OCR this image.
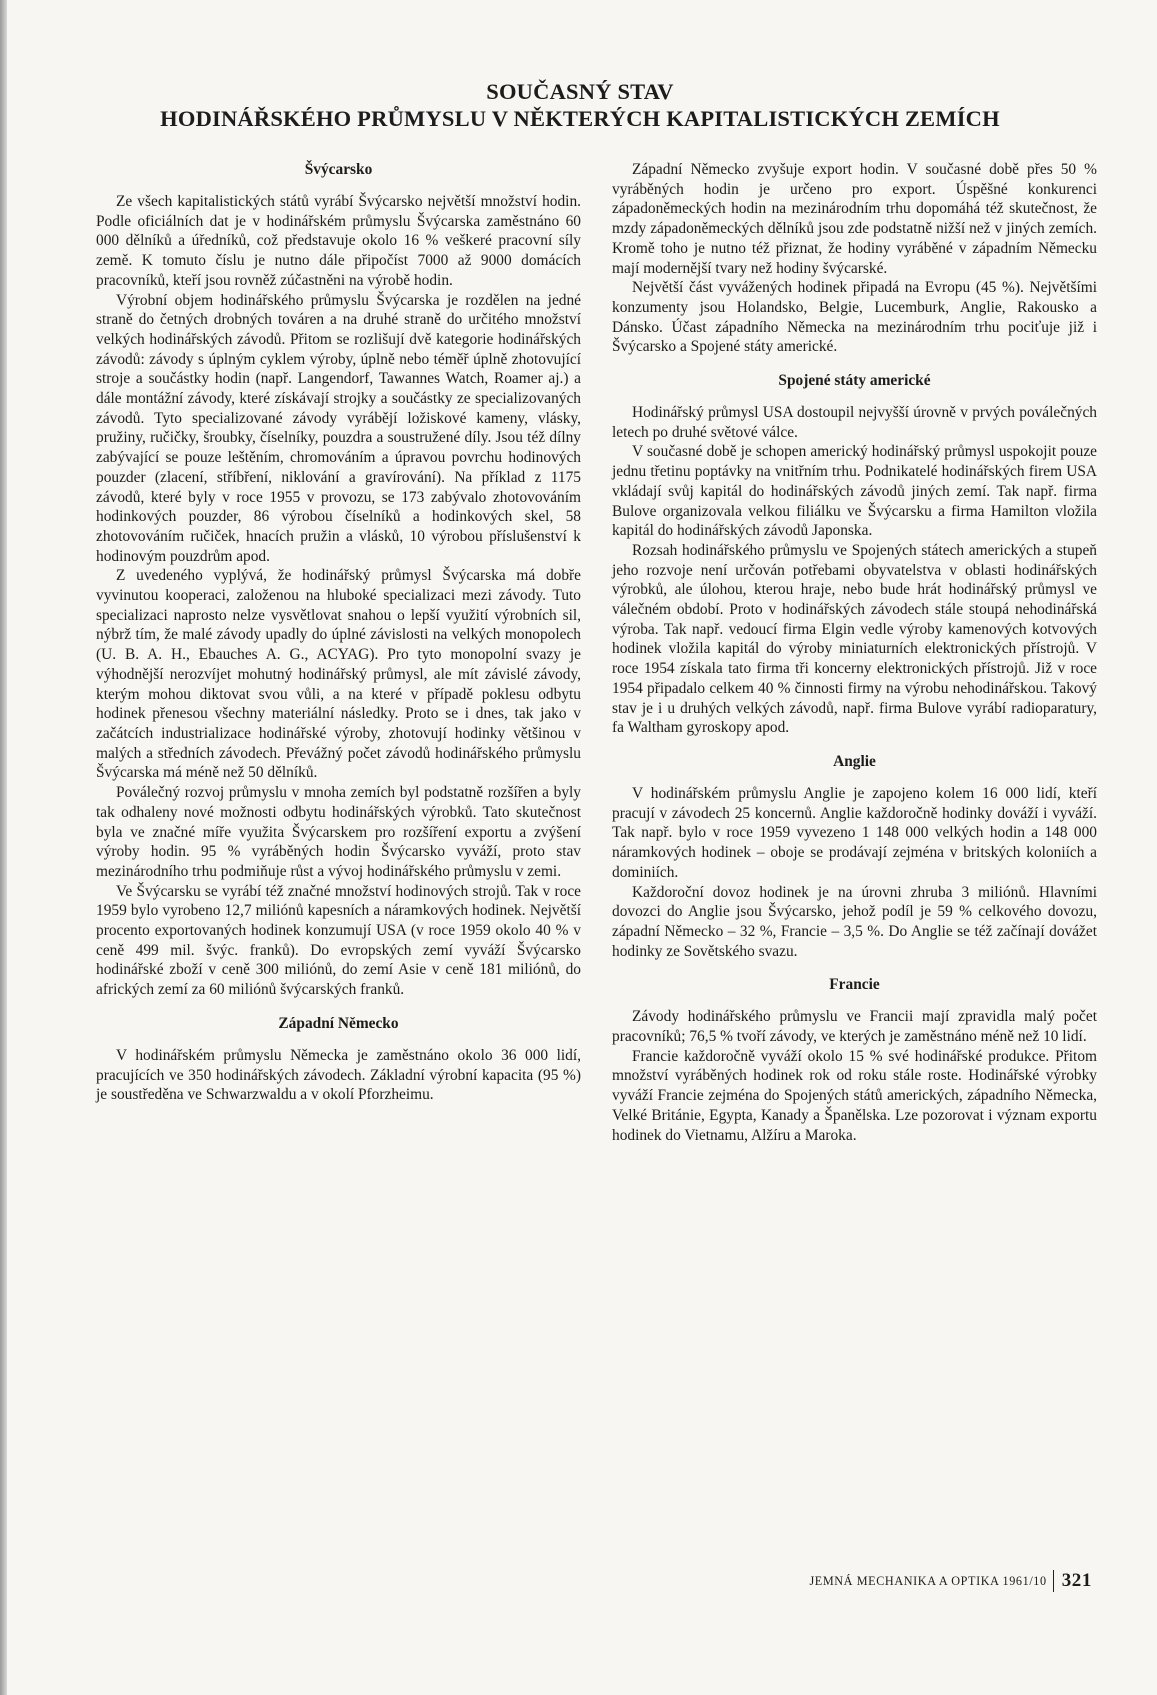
SOUČASNÝ STAV
HODINÁŘSKÉHO PRŮMYSLU V NĚKTERÝCH KAPITALISTICKÝCH ZEMÍCH
Švýcarsko

Ze všech kapitalistických států vyrábí Švýcarsko největší množství hodin. Podle oficiálních dat je v hodinářském průmyslu Švýcarska zaměstnáno 60 000 dělníků a úředníků, což představuje okolo 16 % veškeré pracovní síly země. K tomuto číslu je nutno dále připočíst 7000 až 9000 domácích pracovníků, kteří jsou rovněž zúčastněni na výrobě hodin.

Výrobní objem hodinářského průmyslu Švýcarska je rozdělen na jedné straně do četných drobných továren a na druhé straně do určitého množství velkých hodinářských závodů. Přitom se rozlišují dvě kategorie hodinářských závodů: závody s úplným cyklem výroby, úplně nebo téměř úplně zhotovující stroje a součástky hodin (např. Langendorf, Tawannes Watch, Roamer aj.) a dále montážní závody, které získávají strojky a součástky ze specializovaných závodů. Tyto specializované závody vyrábějí ložiskové kameny, vlásky, pružiny, ručičky, šroubky, číselníky, pouzdra a soustružené díly. Jsou též dílny zabývající se pouze leštěním, chromováním a úpravou povrchu hodinových pouzder (zlacení, stříbření, niklování a gravírování). Na příklad z 1175 závodů, které byly v roce 1955 v provozu, se 173 zabývalo zhotovováním hodinkových pouzder, 86 výrobou číselníků a hodinkových skel, 58 zhotovováním ručiček, hnacích pružin a vlásků, 10 výrobou příslušenství k hodinovým pouzdrům apod.

Z uvedeného vyplývá, že hodinářský průmysl Švýcarska má dobře vyvinutou kooperaci, založenou na hluboké specializaci mezi závody. Tuto specializaci naprosto nelze vysvětlovat snahou o lepší využití výrobních sil, nýbrž tím, že malé závody upadly do úplné závislosti na velkých monopolech (U. B. A. H., Ebauches A. G., ACYAG). Pro tyto monopolní svazy je výhodnější nerozvíjet mohutný hodinářský průmysl, ale mít závislé závody, kterým mohou diktovat svou vůli, a na které v případě poklesu odbytu hodinek přenesou všechny materiální následky. Proto se i dnes, tak jako v začátcích industrializace hodinářské výroby, zhotovují hodinky většinou v malých a středních závodech. Převážný počet závodů hodinářského průmyslu Švýcarska má méně než 50 dělníků.

Poválečný rozvoj průmyslu v mnoha zemích byl podstatně rozšířen a byly tak odhaleny nové možnosti odbytu hodinářských výrobků. Tato skutečnost byla ve značné míře využita Švýcarskem pro rozšíření exportu a zvýšení výroby hodin. 95 % vyráběných hodin Švýcarsko vyváží, proto stav mezinárodního trhu podmiňuje růst a vývoj hodinářského průmyslu v zemi.

Ve Švýcarsku se vyrábí též značné množství hodinových strojů. Tak v roce 1959 bylo vyrobeno 12,7 miliónů kapesních a náramkových hodinek. Největší procento exportovaných hodinek konzumují USA (v roce 1959 okolo 40 % v ceně 499 mil. švýc. franků). Do evropských zemí vyváží Švýcarsko hodinářské zboží v ceně 300 miliónů, do zemí Asie v ceně 181 miliónů, do afrických zemí za 60 miliónů švýcarských franků.

Západní Německo

V hodinářském průmyslu Německa je zaměstnáno okolo 36 000 lidí, pracujících ve 350 hodinářských závodech. Základní výrobní kapacita (95 %) je soustředěna ve Schwarzwaldu a v okolí Pforzheimu.

Západní Německo zvyšuje export hodin. V současné době přes 50 % vyráběných hodin je určeno pro export. Úspěšné konkurenci západoněmeckých hodin na mezinárodním trhu dopomáhá též skutečnost, že mzdy západoněmeckých dělníků jsou zde podstatně nižší než v jiných zemích. Kromě toho je nutno též přiznat, že hodiny vyráběné v západním Německu mají modernější tvary než hodiny švýcarské.

Největší část vyvážených hodinek připadá na Evropu (45 %). Největšími konzumenty jsou Holandsko, Belgie, Lucemburk, Anglie, Rakousko a Dánsko. Účast západního Německa na mezinárodním trhu pociťuje již i Švýcarsko a Spojené státy americké.

Spojené státy americké

Hodinářský průmysl USA dostoupil nejvyšší úrovně v prvých poválečných letech po druhé světové válce.

V současné době je schopen americký hodinářský průmysl uspokojit pouze jednu třetinu poptávky na vnitřním trhu. Podnikatelé hodinářských firem USA vkládají svůj kapitál do hodinářských závodů jiných zemí. Tak např. firma Bulove organizovala velkou filiálku ve Švýcarsku a firma Hamilton vložila kapitál do hodinářských závodů Japonska.

Rozsah hodinářského průmyslu ve Spojených státech amerických a stupeň jeho rozvoje není určován potřebami obyvatelstva v oblasti hodinářských výrobků, ale úlohou, kterou hraje, nebo bude hrát hodinářský průmysl ve válečném období. Proto v hodinářských závodech stále stoupá nehodinářská výroba. Tak např. vedoucí firma Elgin vedle výroby kamenových kotvových hodinek vložila kapitál do výroby miniaturních elektronických přístrojů. V roce 1954 získala tato firma tři koncerny elektronických přístrojů. Již v roce 1954 připadalo celkem 40 % činnosti firmy na výrobu nehodinářskou. Takový stav je i u druhých velkých závodů, např. firma Bulove vyrábí radioparatury, fa Waltham gyroskopy apod.

Anglie

V hodinářském průmyslu Anglie je zapojeno kolem 16 000 lidí, kteří pracují v závodech 25 koncernů. Anglie každoročně hodinky dováží i vyváží. Tak např. bylo v roce 1959 vyvezeno 1 148 000 velkých hodin a 148 000 náramkových hodinek – oboje se prodávají zejména v britských koloniích a dominiích.

Každoroční dovoz hodinek je na úrovni zhruba 3 miliónů. Hlavními dovozci do Anglie jsou Švýcarsko, jehož podíl je 59 % celkového dovozu, západní Německo – 32 %, Francie – 3,5 %. Do Anglie se též začínají dovážet hodinky ze Sovětského svazu.

Francie

Závody hodinářského průmyslu ve Francii mají zpravidla malý počet pracovníků; 76,5 % tvoří závody, ve kterých je zaměstnáno méně než 10 lidí.

Francie každoročně vyváží okolo 15 % své hodinářské produkce. Přitom množství vyráběných hodinek rok od roku stále roste. Hodinářské výrobky vyváží Francie zejména do Spojených států amerických, západního Německa, Velké Británie, Egypta, Kanady a Španělska. Lze pozorovat i význam exportu hodinek do Vietnamu, Alžíru a Maroka.

JEMNÁ MECHANIKA A OPTIKA 1961/10 321
